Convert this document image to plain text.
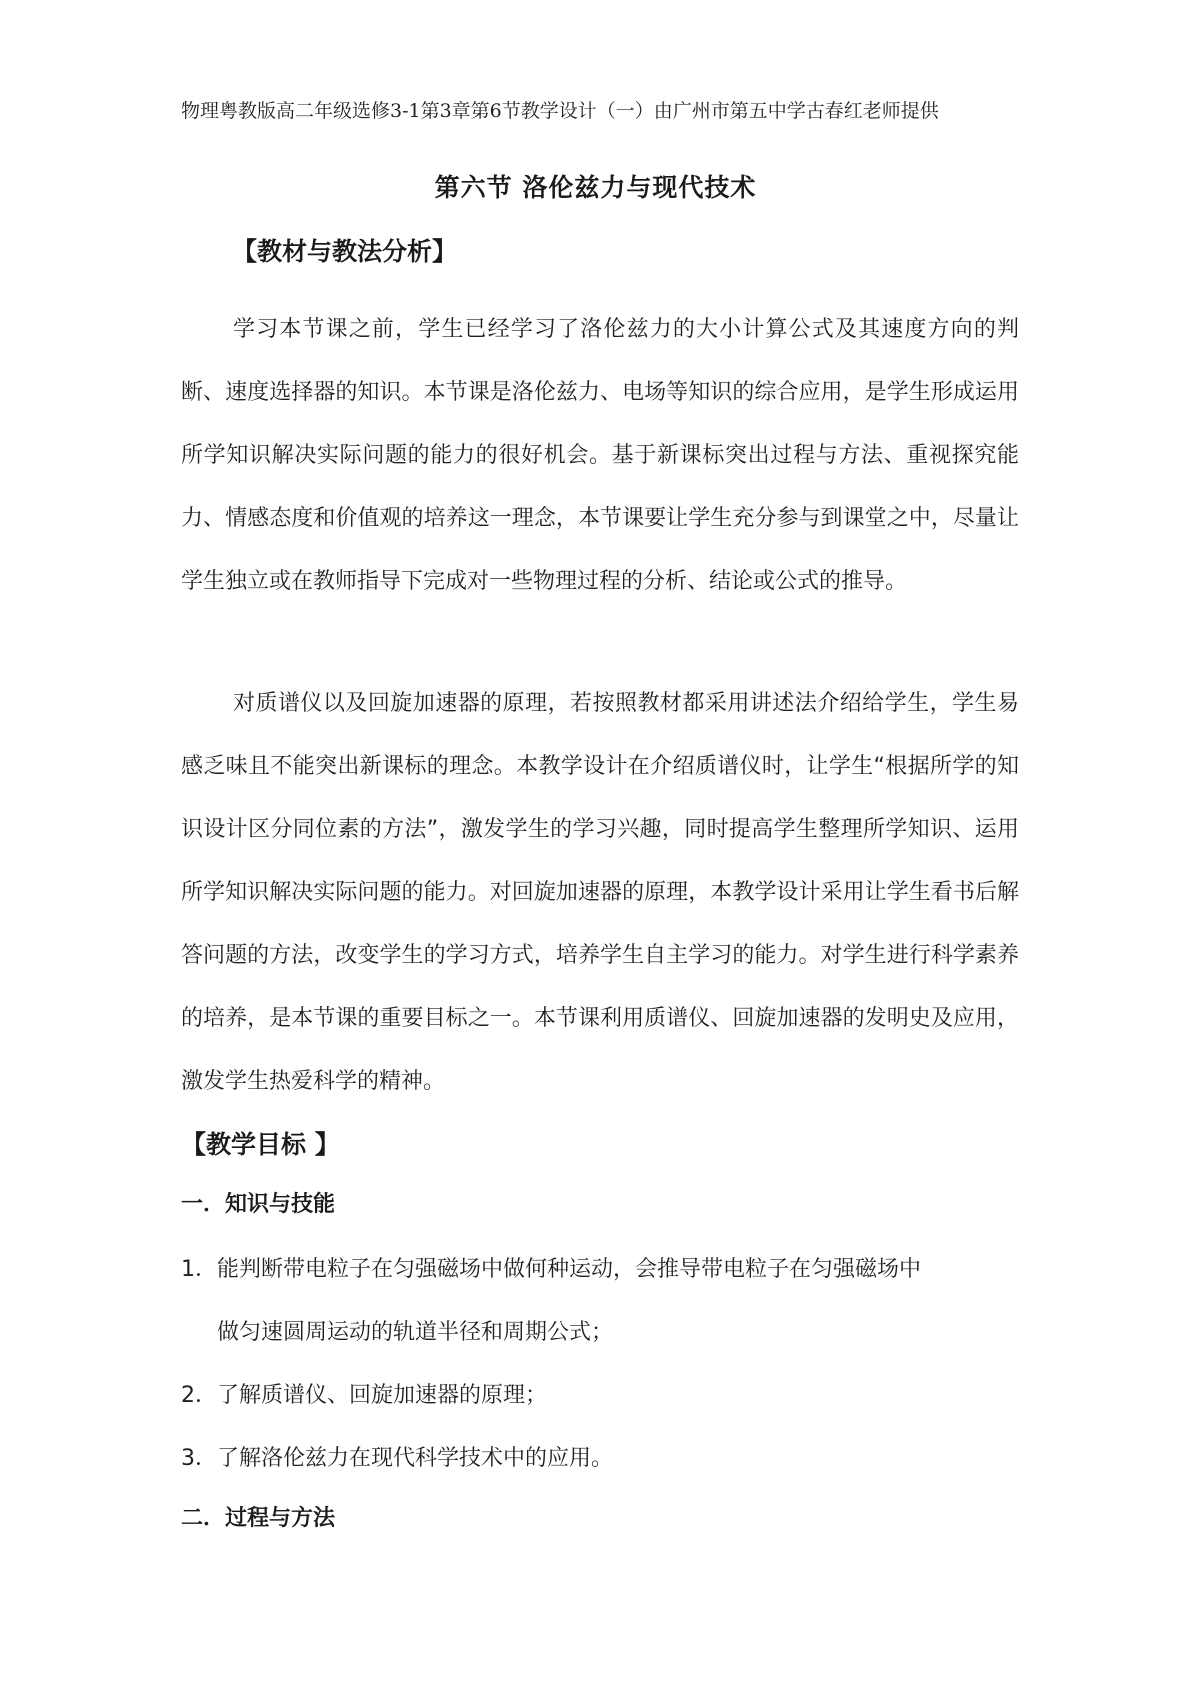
物理粤教版高二年级选修3-1第3章第6节教学设计（一）由广州市第五中学古春红老师提供
第六节 洛伦兹力与现代技术
【教材与教法分析】
学习本节课之前，学生已经学习了洛伦兹力的大小计算公式及其速度方向的判断、速度选择器的知识。本节课是洛伦兹力、电场等知识的综合应用，是学生形成运用所学知识解决实际问题的能力的很好机会。基于新课标突出过程与方法、重视探究能力、情感态度和价值观的培养这一理念，本节课要让学生充分参与到课堂之中，尽量让学生独立或在教师指导下完成对一些物理过程的分析、结论或公式的推导。
对质谱仪以及回旋加速器的原理，若按照教材都采用讲述法介绍给学生，学生易感乏味且不能突出新课标的理念。本教学设计在介绍质谱仪时，让学生“根据所学的知识设计区分同位素的方法”，激发学生的学习兴趣，同时提高学生整理所学知识、运用所学知识解决实际问题的能力。对回旋加速器的原理，本教学设计采用让学生看书后解答问题的方法，改变学生的学习方式，培养学生自主学习的能力。对学生进行科学素养的培养，是本节课的重要目标之一。本节课利用质谱仪、回旋加速器的发明史及应用，激发学生热爱科学的精神。
【教学目标 】
一．知识与技能
1．能判断带电粒子在匀强磁场中做何种运动，会推导带电粒子在匀强磁场中
做匀速圆周运动的轨道半径和周期公式；
2．了解质谱仪、回旋加速器的原理；
3．了解洛伦兹力在现代科学技术中的应用。
二．过程与方法
